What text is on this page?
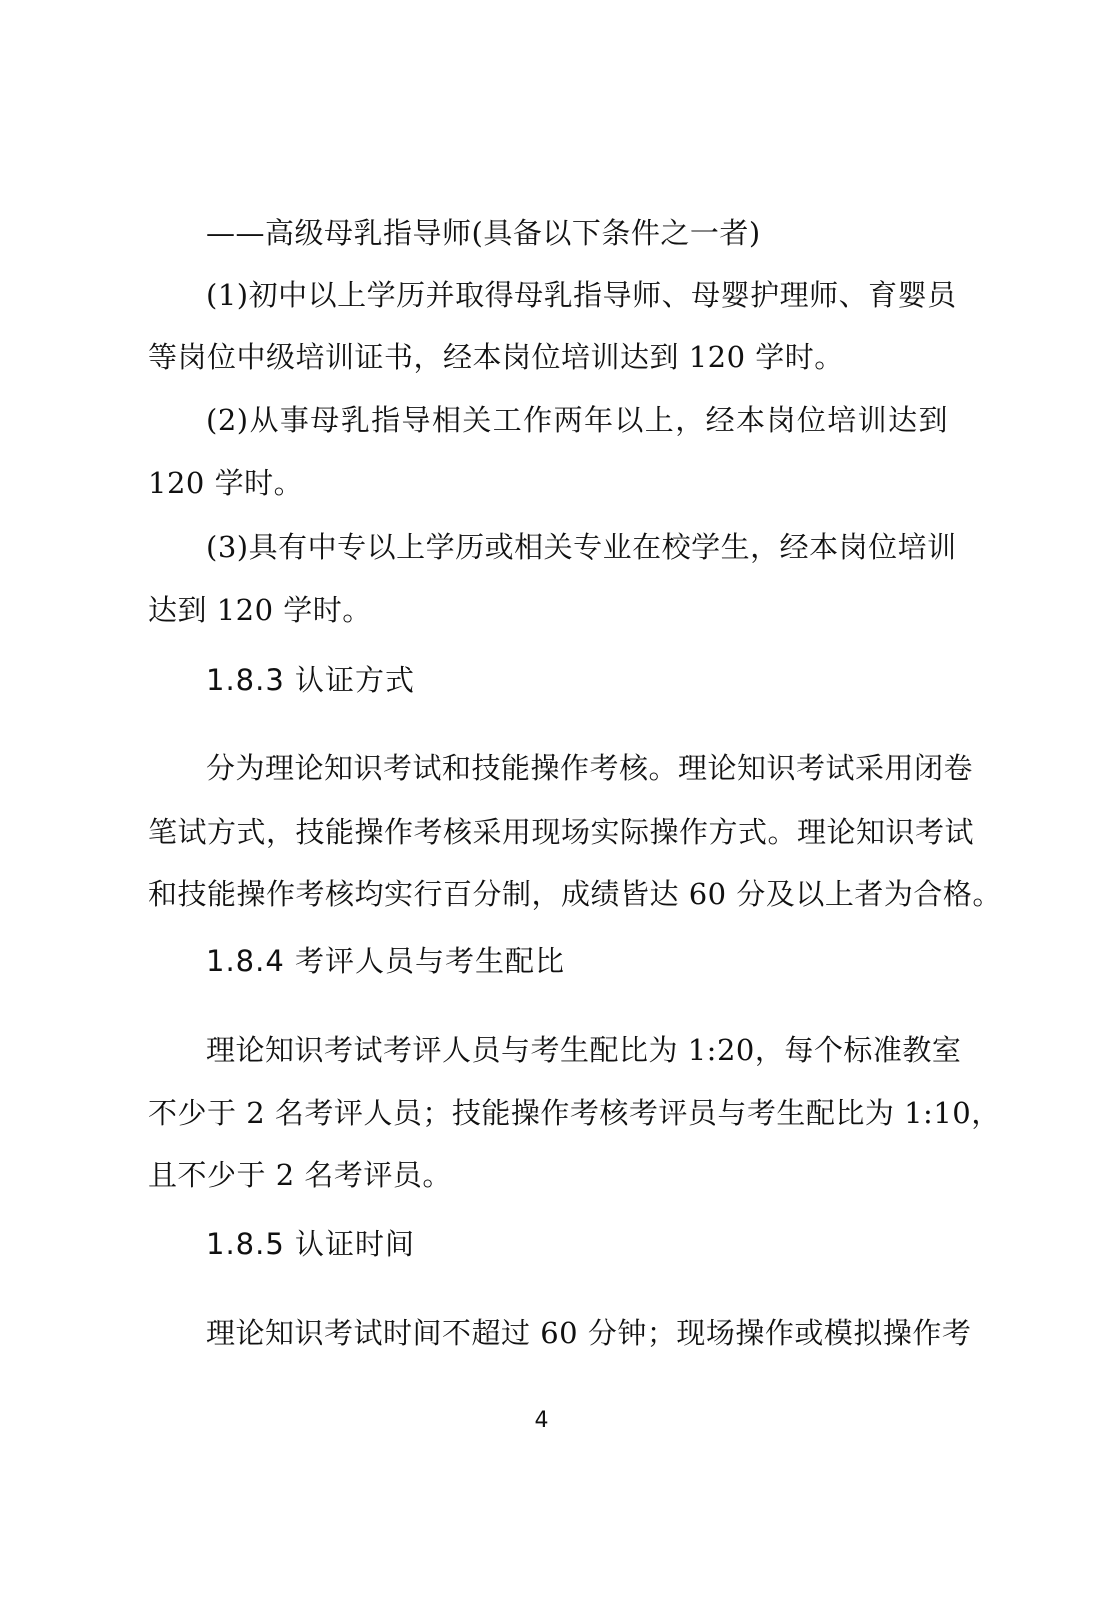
——高级母乳指导师(具备以下条件之一者)
(1)初中以上学历并取得母乳指导师、母婴护理师、育婴员
等岗位中级培训证书，经本岗位培训达到 120 学时。
(2)从事母乳指导相关工作两年以上，经本岗位培训达到
120 学时。
(3)具有中专以上学历或相关专业在校学生，经本岗位培训
达到 120 学时。
1.8.3 认证方式
分为理论知识考试和技能操作考核。理论知识考试采用闭卷
笔试方式，技能操作考核采用现场实际操作方式。理论知识考试
和技能操作考核均实行百分制，成绩皆达 60 分及以上者为合格。
1.8.4 考评人员与考生配比
理论知识考试考评人员与考生配比为 1:20，每个标准教室
不少于 2 名考评人员；技能操作考核考评员与考生配比为 1:10，
且不少于 2 名考评员。
1.8.5 认证时间
理论知识考试时间不超过 60 分钟；现场操作或模拟操作考
4
